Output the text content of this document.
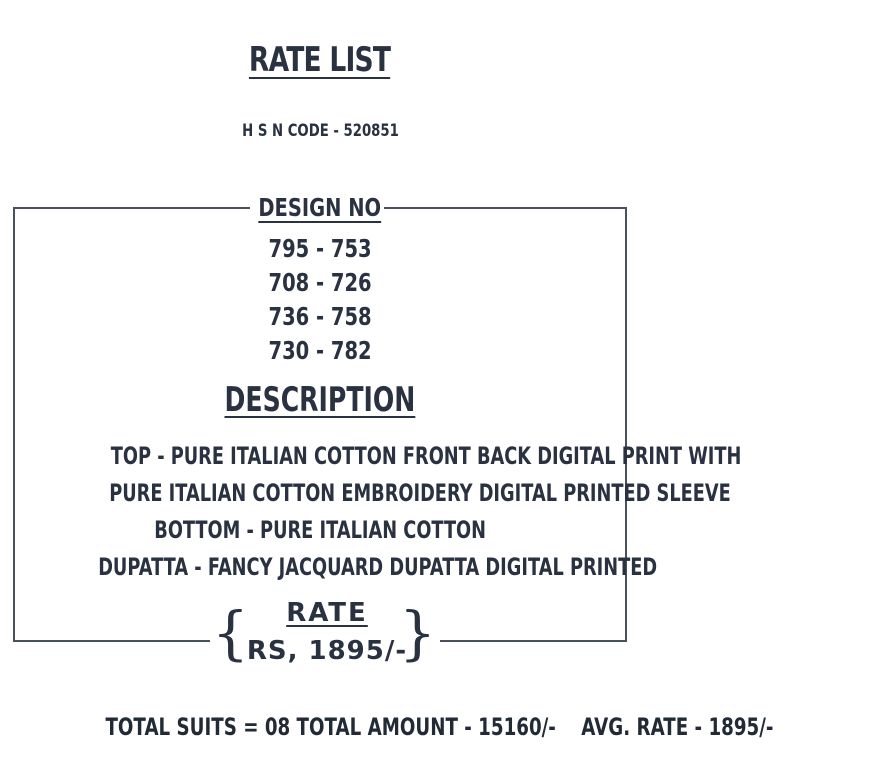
RATE LIST
H S N CODE - 520851
DESIGN NO
795 - 753
708 - 726
736 - 758
730 - 782
DESCRIPTION
TOP - PURE ITALIAN COTTON FRONT BACK DIGITAL PRINT WITH
PURE ITALIAN COTTON EMBROIDERY DIGITAL PRINTED SLEEVE
BOTTOM - PURE ITALIAN COTTON
DUPATTA - FANCY JACQUARD DUPATTA DIGITAL PRINTED
{	RATE
RS, 1895/-
}
TOTAL SUITS = 08 TOTAL AMOUNT - 15160/-    AVG. RATE - 1895/-
